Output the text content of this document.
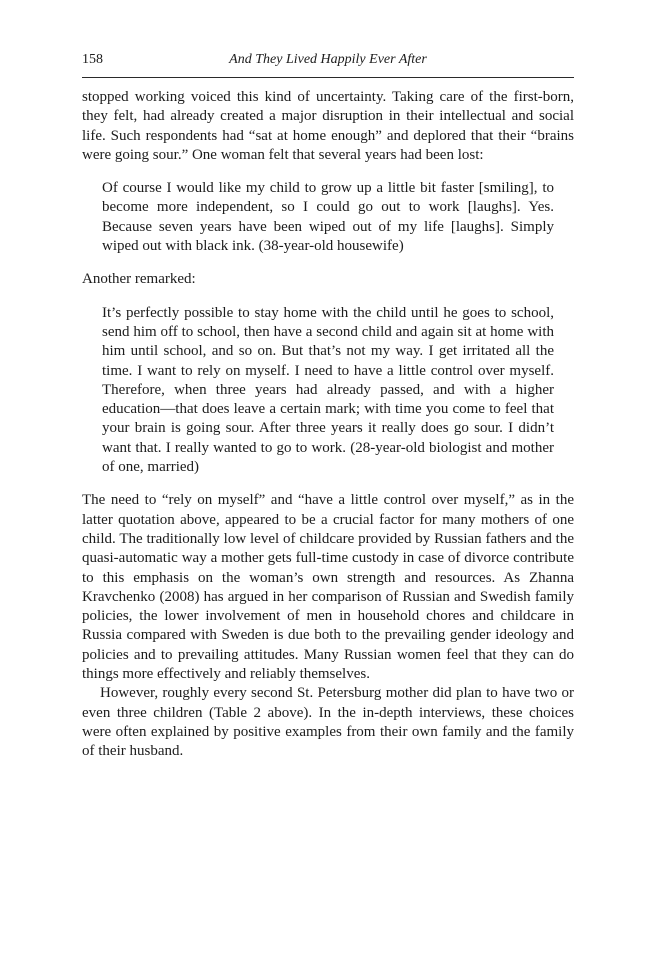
158	And They Lived Happily Ever After

stopped working voiced this kind of uncertainty. Taking care of the first-born, they felt, had already created a major disruption in their intellectual and social life. Such respondents had “sat at home enough” and deplored that their “brains were going sour.” One woman felt that several years had been lost:

Of course I would like my child to grow up a little bit faster [smiling], to become more independent, so I could go out to work [laughs]. Yes. Because seven years have been wiped out of my life [laughs]. Simply wiped out with black ink. (38-year-old housewife)

Another remarked:

It’s perfectly possible to stay home with the child until he goes to school, send him off to school, then have a second child and again sit at home with him until school, and so on. But that’s not my way. I get irritated all the time. I want to rely on myself. I need to have a little control over myself. Therefore, when three years had already passed, and with a higher education—that does leave a certain mark; with time you come to feel that your brain is going sour. After three years it really does go sour. I didn’t want that. I really wanted to go to work. (28-year-old biologist and mother of one, married)

The need to “rely on myself” and “have a little control over myself,” as in the latter quotation above, appeared to be a crucial factor for many mothers of one child. The traditionally low level of childcare provided by Russian fathers and the quasi-automatic way a mother gets full-time custody in case of divorce contribute to this emphasis on the woman’s own strength and resources. As Zhanna Kravchenko (2008) has argued in her comparison of Russian and Swedish family policies, the lower involvement of men in household chores and childcare in Russia compared with Sweden is due both to the prevailing gender ideology and policies and to prevailing attitudes. Many Russian women feel that they can do things more effectively and reliably themselves.

However, roughly every second St. Petersburg mother did plan to have two or even three children (Table 2 above). In the in-depth interviews, these choices were often explained by positive examples from their own family and the family of their husband.
